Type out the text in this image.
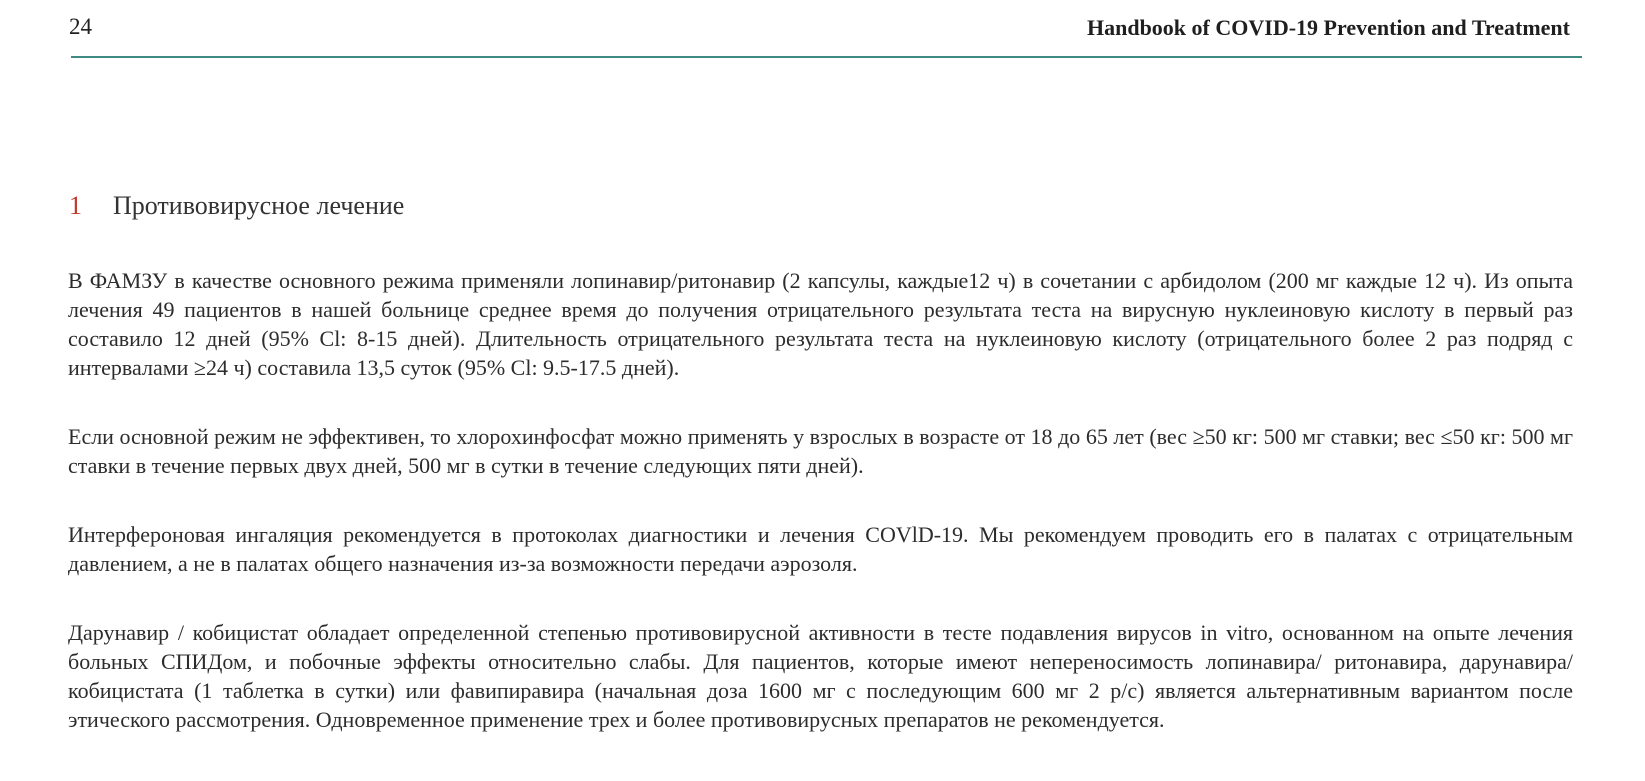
24	Handbook of COVID-19 Prevention and Treatment
1 Противовирусное лечение

В ФАМЗУ в качестве основного режима применяли лопинавир/ритонавир (2 капсулы, каждые12 ч) в сочетании с арбидолом (200 мг каждые 12 ч). Из опыта лечения 49 пациентов в нашей больнице среднее время до получения отрицательного результата теста на вирусную нуклеиновую кислоту в первый раз составило 12 дней (95% Cl: 8-15 дней). Длительность отрицательного результата теста на нуклеиновую кислоту (отрицательного более 2 раз подряд с интервалами ≥24 ч) составила 13,5 суток (95% Cl: 9.5-17.5 дней).

Если основной режим не эффективен, то хлорохинфосфат можно применять у взрослых в возрасте от 18 до 65 лет (вес ≥50 кг: 500 мг ставки; вес ≤50 кг: 500 мг ставки в течение первых двух дней, 500 мг в сутки в течение следующих пяти дней).

Интерфероновая ингаляция рекомендуется в протоколах диагностики и лечения COVlD-19. Мы рекомендуем проводить его в палатах с отрицательным давлением, а не в палатах общего назначения из-за возможности передачи аэрозоля.

Дарунавир / кобицистат обладает определенной степенью противовирусной активности в тесте подавления вирусов in vitro, основанном на опыте лечения больных СПИДом, и побочные эффекты относительно слабы. Для пациентов, которые имеют непереносимость лопинавира/ ритонавира, дарунавира/ кобицистата (1 таблетка в сутки) или фавипиравира (начальная доза 1600 мг с последующим 600 мг 2 р/с) является альтернативным вариантом после этического рассмотрения. Одновременное применение трех и более противовирусных препаратов не рекомендуется.
